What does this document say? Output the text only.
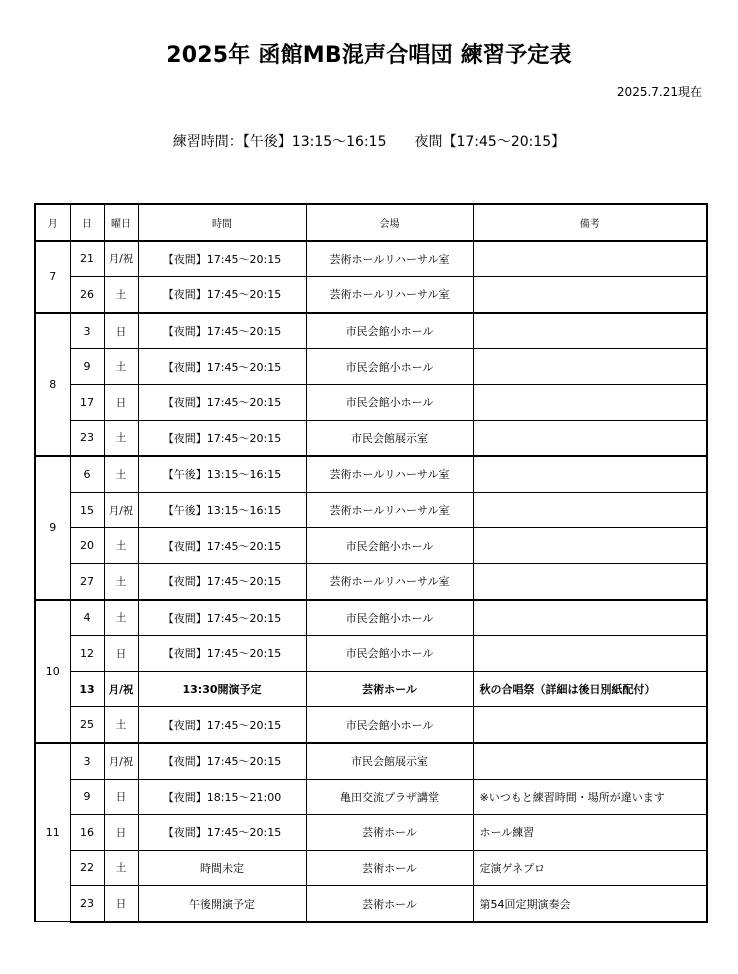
2025年 函館MB混声合唱団 練習予定表
2025.7.21現在
練習時間：【午後】13:15～16:15　　夜間【17:45～20:15】
月	日	曜日	時間	会場	備考
7	21	月/祝	【夜間】17:45～20:15	芸術ホールリハーサル室	
	26	土	【夜間】17:45～20:15	芸術ホールリハーサル室	
8	3	日	【夜間】17:45～20:15	市民会館小ホール	
	9	土	【夜間】17:45～20:15	市民会館小ホール	
	17	日	【夜間】17:45～20:15	市民会館小ホール	
	23	土	【夜間】17:45～20:15	市民会館展示室	
9	6	土	【午後】13:15～16:15	芸術ホールリハーサル室	
	15	月/祝	【午後】13:15～16:15	芸術ホールリハーサル室	
	20	土	【夜間】17:45～20:15	市民会館小ホール	
	27	土	【夜間】17:45～20:15	芸術ホールリハーサル室	
10	4	土	【夜間】17:45～20:15	市民会館小ホール	
	12	日	【夜間】17:45～20:15	市民会館小ホール	
	13	月/祝	13:30開演予定	芸術ホール	秋の合唱祭（詳細は後日別紙配付）
	25	土	【夜間】17:45～20:15	市民会館小ホール	
11	3	月/祝	【夜間】17:45～20:15	市民会館展示室	
	9	日	【夜間】18:15～21:00	亀田交流プラザ講堂	※いつもと練習時間・場所が違います
	16	日	【夜間】17:45～20:15	芸術ホール	ホール練習
	22	土	時間未定	芸術ホール	定演ゲネプロ
	23	日	午後開演予定	芸術ホール	第54回定期演奏会
